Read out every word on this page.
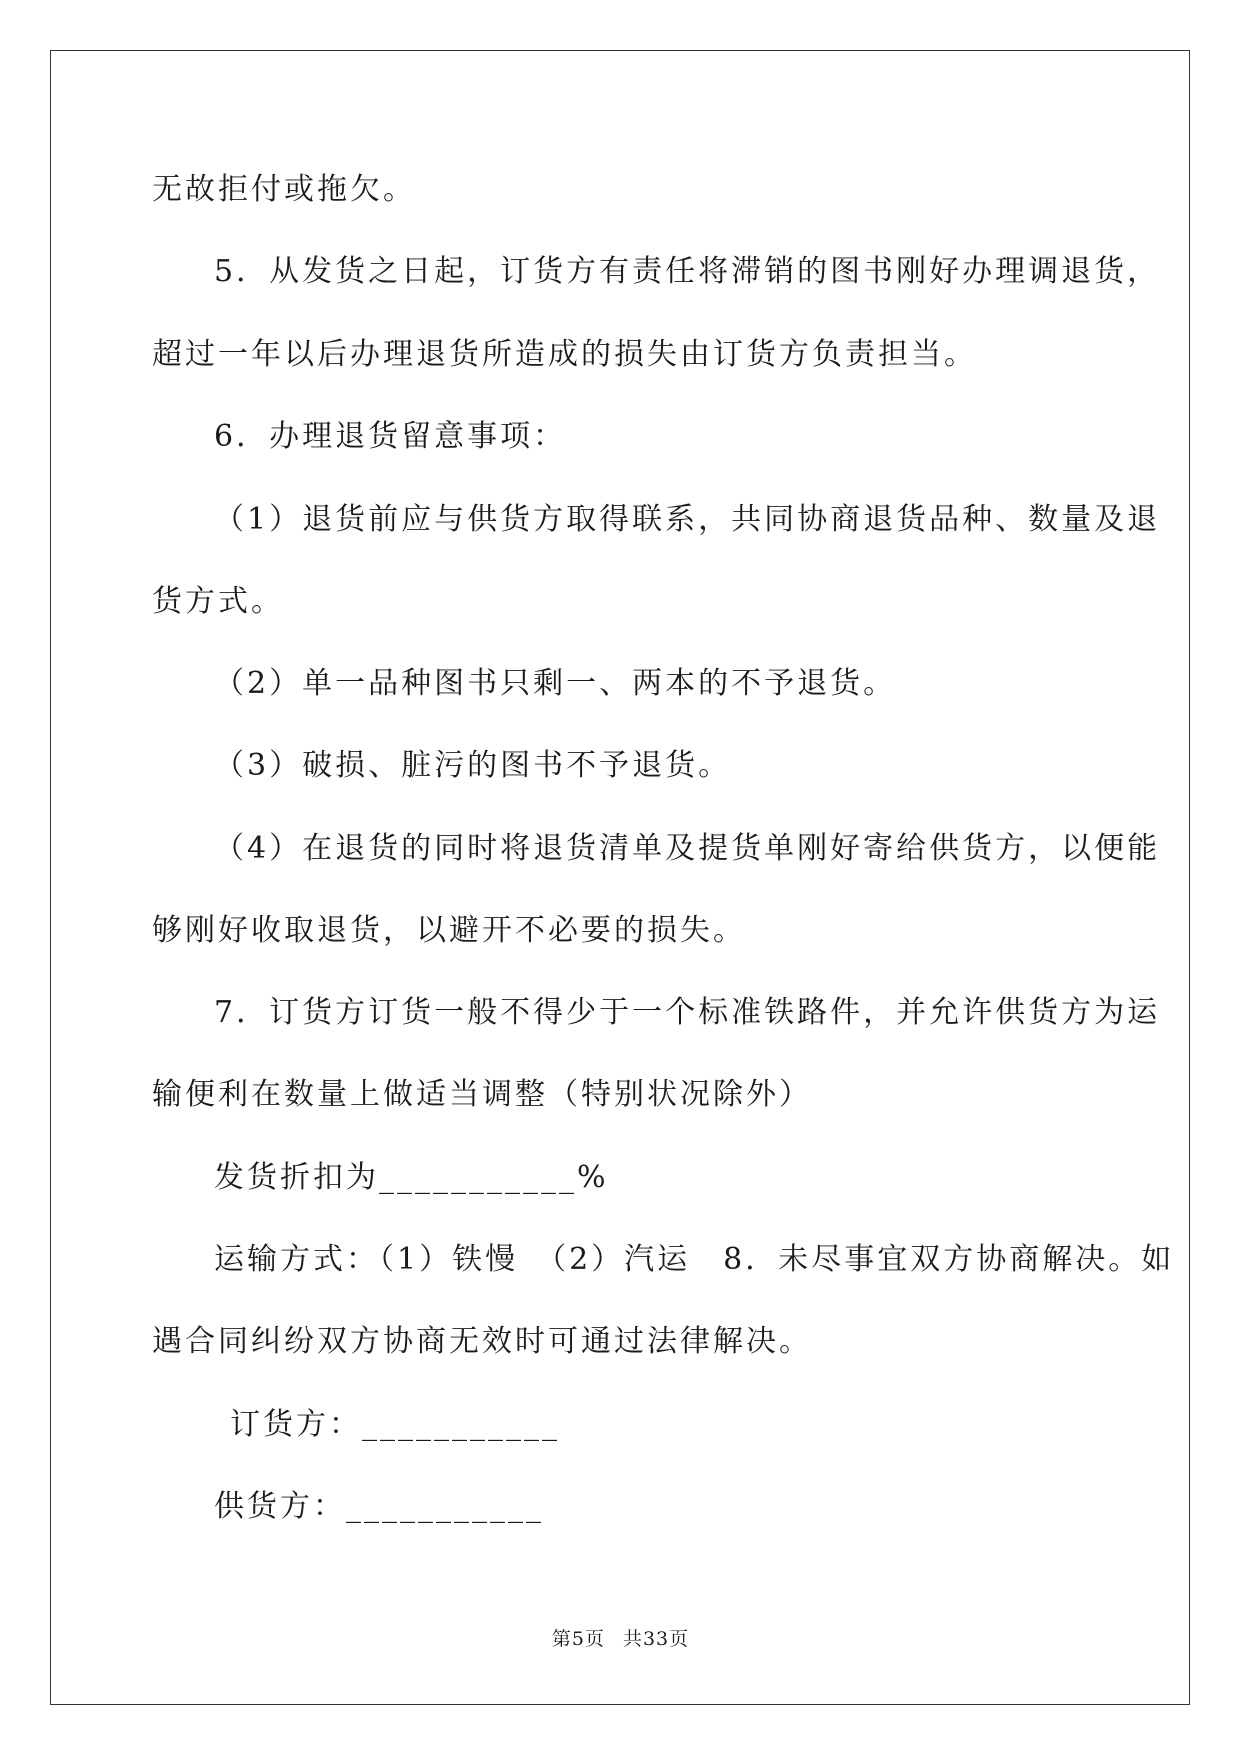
无故拒付或拖欠。
5．从发货之日起，订货方有责任将滞销的图书刚好办理调退货，
超过一年以后办理退货所造成的损失由订货方负责担当。
6．办理退货留意事项：
（1）退货前应与供货方取得联系，共同协商退货品种、数量及退
货方式。
（2）单一品种图书只剩一、两本的不予退货。
（3）破损、脏污的图书不予退货。
（4）在退货的同时将退货清单及提货单刚好寄给供货方，以便能
够刚好收取退货，以避开不必要的损失。
7．订货方订货一般不得少于一个标准铁路件，并允许供货方为运
输便利在数量上做适当调整（特别状况除外）
发货折扣为___________%
运输方式：（1）铁慢　（2）汽运　8．未尽事宜双方协商解决。如
遇合同纠纷双方协商无效时可通过法律解决。
订货方：___________
供货方：___________
第5页 共33页
